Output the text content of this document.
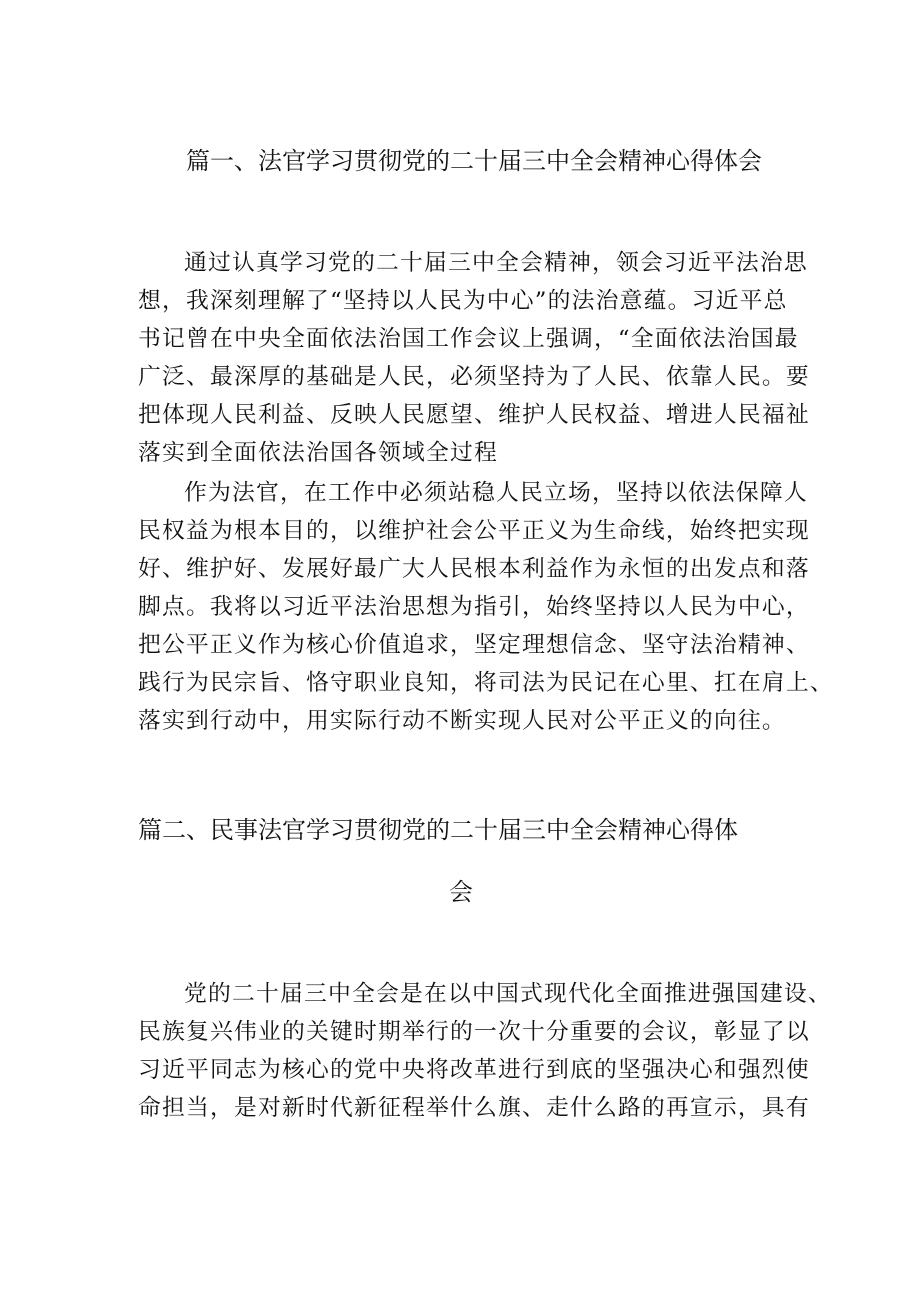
篇一、法官学习贯彻党的二十届三中全会精神心得体会

通过认真学习党的二十届三中全会精神，领会习近平法治思

想，我深刻理解了“坚持以人民为中心”的法治意蕴。习近平总

书记曾在中央全面依法治国工作会议上强调，“全面依法治国最

广泛、最深厚的基础是人民，必须坚持为了人民、依靠人民。要

把体现人民利益、反映人民愿望、维护人民权益、增进人民福祉

落实到全面依法治国各领域全过程

作为法官，在工作中必须站稳人民立场，坚持以依法保障人

民权益为根本目的，以维护社会公平正义为生命线，始终把实现

好、维护好、发展好最广大人民根本利益作为永恒的出发点和落

脚点。我将以习近平法治思想为指引，始终坚持以人民为中心，

把公平正义作为核心价值追求，坚定理想信念、坚守法治精神、

践行为民宗旨、恪守职业良知，将司法为民记在心里、扛在肩上、

落实到行动中，用实际行动不断实现人民对公平正义的向往。

篇二、民事法官学习贯彻党的二十届三中全会精神心得体
会

党的二十届三中全会是在以中国式现代化全面推进强国建设、

民族复兴伟业的关键时期举行的一次十分重要的会议，彰显了以

习近平同志为核心的党中央将改革进行到底的坚强决心和强烈使

命担当，是对新时代新征程举什么旗、走什么路的再宣示，具有
